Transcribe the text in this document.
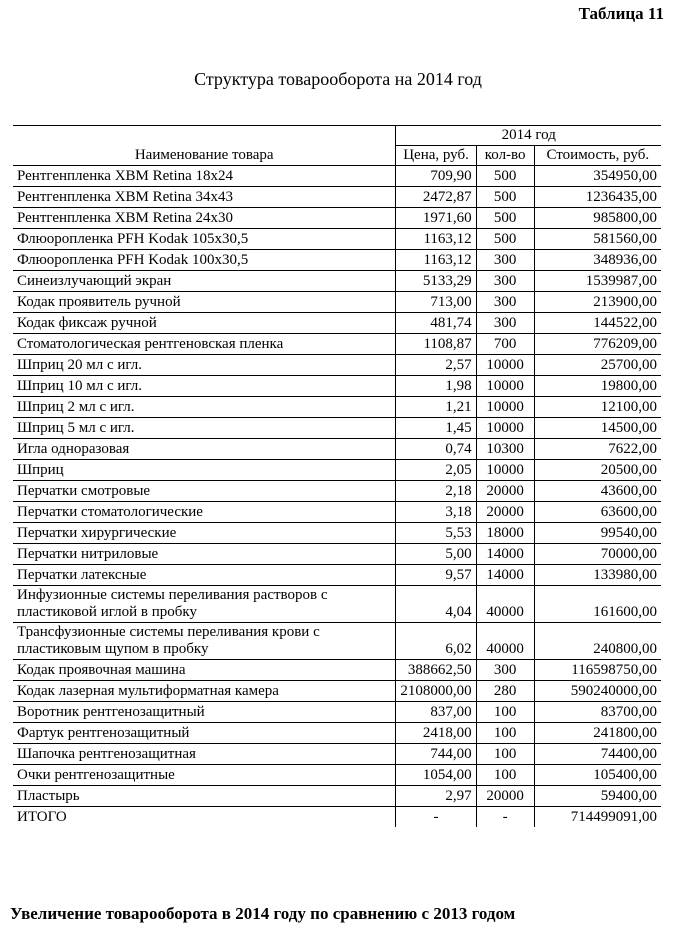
Таблица 11
Структура товарооборота на 2014 год
Наименование товара	2014 год		
	Цена, руб.	кол-во	Стоимость, руб.
Рентгенпленка XBM Retina 18х24	709,90	500	354950,00
Рентгенпленка XBM Retina 34х43	2472,87	500	1236435,00
Рентгенпленка XBM Retina 24х30	1971,60	500	985800,00
Флюоропленка PFH Kodak 105х30,5	1163,12	500	581560,00
Флюоропленка PFH Kodak 100х30,5	1163,12	300	348936,00
Синеизлучающий экран	5133,29	300	1539987,00
Кодак проявитель ручной	713,00	300	213900,00
Кодак фиксаж ручной	481,74	300	144522,00
Стоматологическая рентгеновская пленка	1108,87	700	776209,00
Шприц 20 мл с игл.	2,57	10000	25700,00
Шприц 10 мл с игл.	1,98	10000	19800,00
Шприц 2 мл с игл.	1,21	10000	12100,00
Шприц 5 мл с игл.	1,45	10000	14500,00
Игла одноразовая	0,74	10300	7622,00
Шприц	2,05	10000	20500,00
Перчатки смотровые	2,18	20000	43600,00
Перчатки стоматологические	3,18	20000	63600,00
Перчатки хирургические	5,53	18000	99540,00
Перчатки нитриловые	5,00	14000	70000,00
Перчатки латексные	9,57	14000	133980,00
Инфузионные системы переливания растворов с пластиковой иглой в пробку	4,04	40000	161600,00
Трансфузионные системы переливания крови с пластиковым щупом в пробку	6,02	40000	240800,00
Кодак проявочная машина	388662,50	300	116598750,00
Кодак лазерная мультиформатная камера	2108000,00	280	590240000,00
Воротник рентгенозащитный	837,00	100	83700,00
Фартук рентгенозащитный	2418,00	100	241800,00
Шапочка рентгенозащитная	744,00	100	74400,00
Очки рентгенозащитные	1054,00	100	105400,00
Пластырь	2,97	20000	59400,00
ИТОГО	-	-	714499091,00
Увеличение товарооборота в 2014 году по сравнению с 2013 годом
